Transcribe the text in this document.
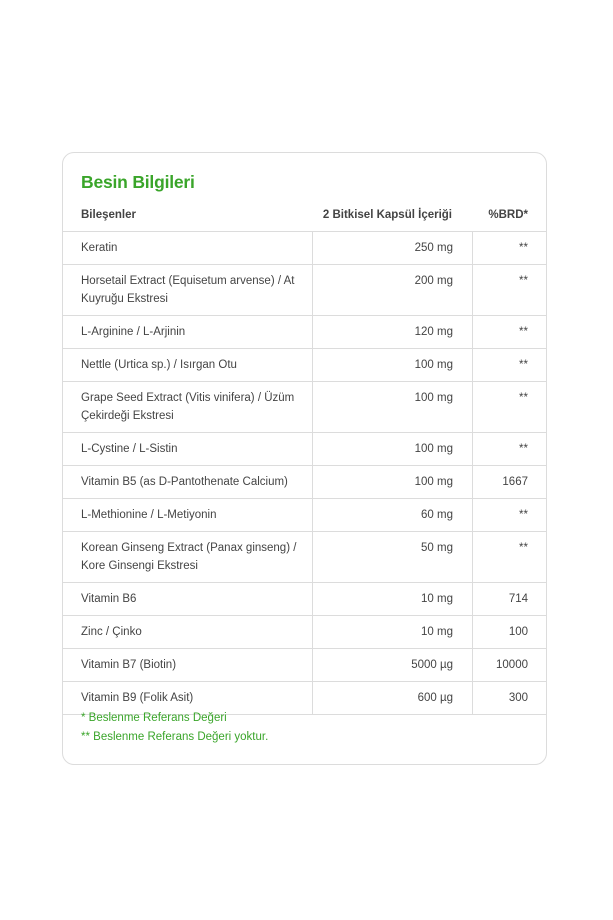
Besin Bilgileri
Bileşenler	2 Bitkisel Kapsül İçeriği	%BRD*
Keratin	250 mg	**
Horsetail Extract (Equisetum arvense) / At Kuyruğu Ekstresi	200 mg	**
L-Arginine / L-Arjinin	120 mg	**
Nettle (Urtica sp.) / Isırgan Otu	100 mg	**
Grape Seed Extract (Vitis vinifera) / Üzüm Çekirdeği Ekstresi	100 mg	**
L-Cystine / L-Sistin	100 mg	**
Vitamin B5 (as D-Pantothenate Calcium)	100 mg	1667
L-Methionine / L-Metiyonin	60 mg	**
Korean Ginseng Extract (Panax ginseng) / Kore Ginsengi Ekstresi	50 mg	**
Vitamin B6	10 mg	714
Zinc / Çinko	10 mg	100
Vitamin B7 (Biotin)	5000 µg	10000
Vitamin B9 (Folik Asit)	600 µg	300
* Beslenme Referans Değeri
** Beslenme Referans Değeri yoktur.
